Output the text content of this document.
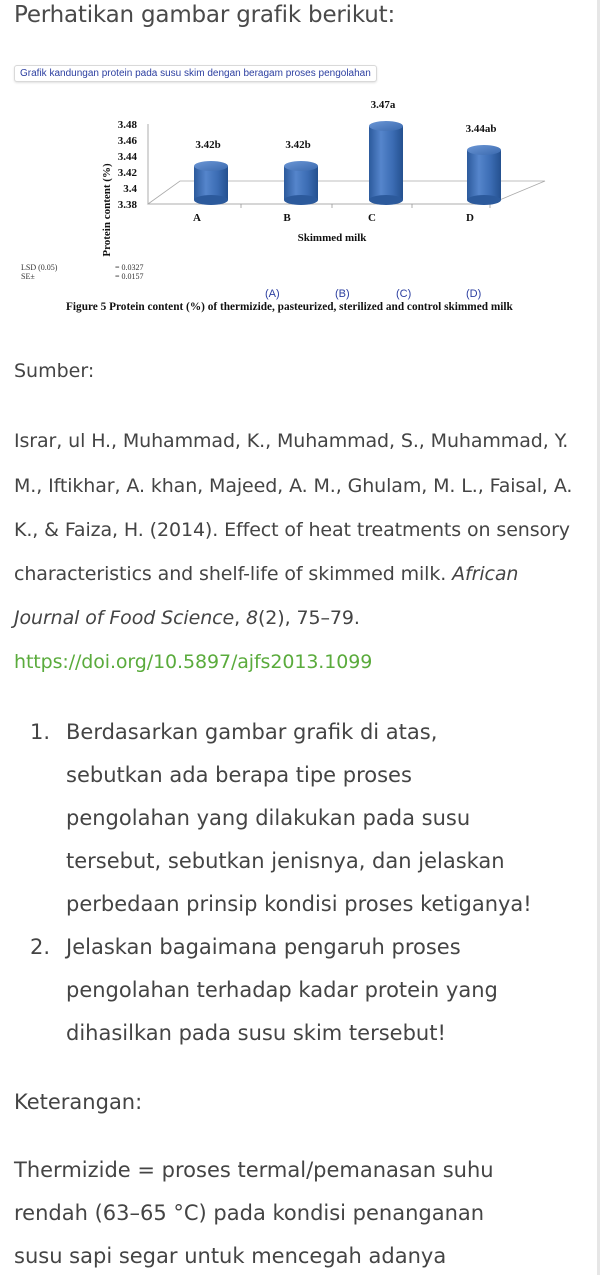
Perhatikan gambar grafik berikut:
Grafik kandungan protein pada susu skim dengan beragam proses pengolahan
Protein content (%) 3.38
3.4
3.42
3.44
3.46
3.48
3.42b	3.42b
3.47a
3.44ab
A	B	C	D
Skimmed milk
LSD (0.05)	= 0.0327
SE±	= 0.0157
(A)	(B)	(C)	(D)
Figure 5 Protein content (%) of thermizide, pasteurized, sterilized and control skimmed milk
Sumber:
Israr, ul H., Muhammad, K., Muhammad, S., Muhammad, Y.
M., Iftikhar, A. khan, Majeed, A. M., Ghulam, M. L., Faisal, A.
K., & Faiza, H. (2014). Effect of heat treatments on sensory
characteristics and shelf-life of skimmed milk. African
Journal of Food Science, 8(2), 75–79.
https://doi.org/10.5897/ajfs2013.1099
1. Berdasarkan gambar grafik di atas,
sebutkan ada berapa tipe proses
pengolahan yang dilakukan pada susu
tersebut, sebutkan jenisnya, dan jelaskan
perbedaan prinsip kondisi proses ketiganya!
2. Jelaskan bagaimana pengaruh proses
pengolahan terhadap kadar protein yang
dihasilkan pada susu skim tersebut!
Keterangan:
Thermizide = proses termal/pemanasan suhu
rendah (63–65 °C) pada kondisi penanganan
susu sapi segar untuk mencegah adanya
